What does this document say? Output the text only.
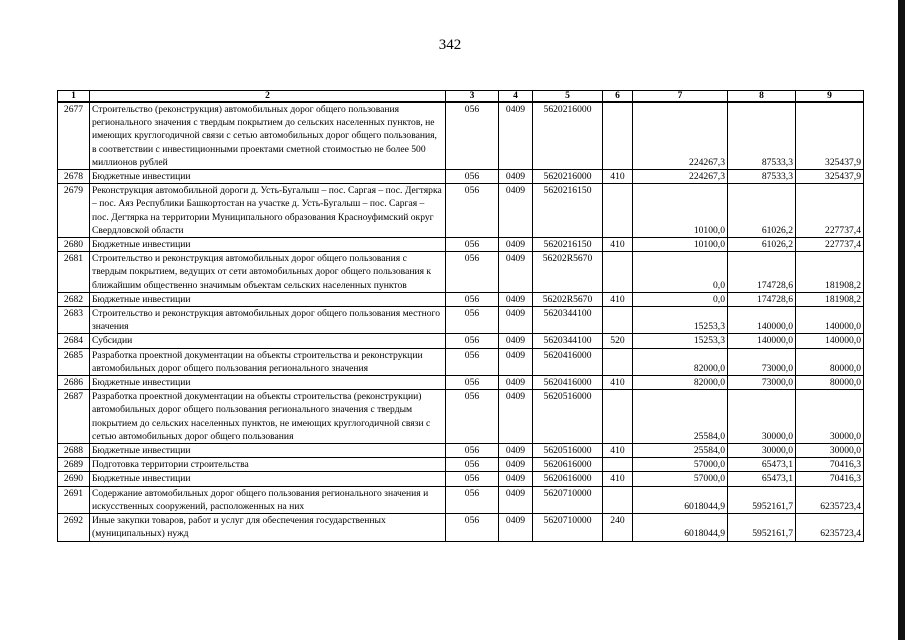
342
1	2	3	4	5	6	7	8	9
2677	Строительство (реконструкция) автомобильных дорог общего пользования регионального значения с твердым покрытием до сельских населенных пунктов, не имеющих круглогодичной связи с сетью автомобильных дорог общего пользования, в соответствии с инвестиционными проектами сметной стоимостью не более 500 миллионов рублей	056	0409	5620216000		224267,3	87533,3	325437,9
2678	Бюджетные инвестиции	056	0409	5620216000	410	224267,3	87533,3	325437,9
2679	Реконструкция автомобильной дороги д. Усть-Бугалыш – пос. Саргая – пос. Дегтярка – пос. Аяз Республики Башкортостан на участке д. Усть-Бугалыш – пос. Саргая – пос. Дегтярка на территории Муниципального образования Красноуфимский округ Свердловской области	056	0409	5620216150		10100,0	61026,2	227737,4
2680	Бюджетные инвестиции	056	0409	5620216150	410	10100,0	61026,2	227737,4
2681	Строительство и реконструкция автомобильных дорог общего пользования с твердым покрытием, ведущих от сети автомобильных дорог общего пользования к ближайшим общественно значимым объектам сельских населенных пунктов	056	0409	56202R5670		0,0	174728,6	181908,2
2682	Бюджетные инвестиции	056	0409	56202R5670	410	0,0	174728,6	181908,2
2683	Строительство и реконструкция автомобильных дорог общего пользования местного значения	056	0409	5620344100		15253,3	140000,0	140000,0
2684	Субсидии	056	0409	5620344100	520	15253,3	140000,0	140000,0
2685	Разработка проектной документации на объекты строительства и реконструкции автомобильных дорог общего пользования регионального значения	056	0409	5620416000		82000,0	73000,0	80000,0
2686	Бюджетные инвестиции	056	0409	5620416000	410	82000,0	73000,0	80000,0
2687	Разработка проектной документации на объекты строительства (реконструкции) автомобильных дорог общего пользования регионального значения с твердым покрытием до сельских населенных пунктов, не имеющих круглогодичной связи с сетью автомобильных дорог общего пользования	056	0409	5620516000		25584,0	30000,0	30000,0
2688	Бюджетные инвестиции	056	0409	5620516000	410	25584,0	30000,0	30000,0
2689	Подготовка территории строительства	056	0409	5620616000		57000,0	65473,1	70416,3
2690	Бюджетные инвестиции	056	0409	5620616000	410	57000,0	65473,1	70416,3
2691	Содержание автомобильных дорог общего пользования регионального значения и искусственных сооружений, расположенных на них	056	0409	5620710000		6018044,9	5952161,7	6235723,4
2692	Иные закупки товаров, работ и услуг для обеспечения государственных (муниципальных) нужд	056	0409	5620710000	240	6018044,9	5952161,7	6235723,4
